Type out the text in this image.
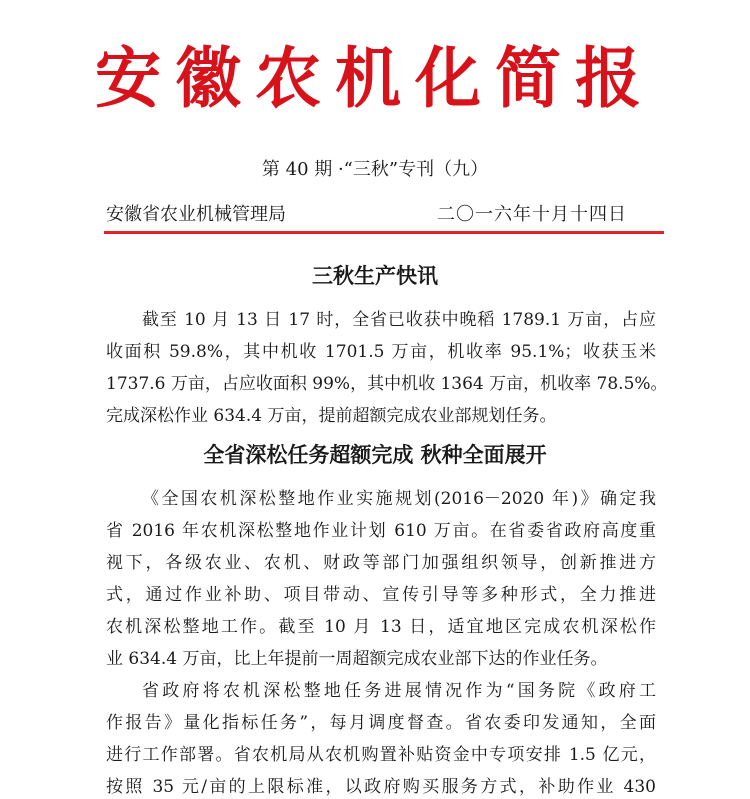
安徽农机化简报
第 40 期 ·“三秋”专刊（九）
安徽省农业机械管理局	二〇一六年十月十四日
三秋生产快讯
截至 10 月 13 日 17 时，全省已收获中晚稻 1789.1 万亩，占应
收面积 59.8%，其中机收 1701.5 万亩，机收率 95.1%；收获玉米
1737.6 万亩，占应收面积 99%，其中机收 1364 万亩，机收率 78.5%。
完成深松作业 634.4 万亩，提前超额完成农业部规划任务。
全省深松任务超额完成 秋种全面展开
《全国农机深松整地作业实施规划(2016－2020 年)》确定我
省 2016 年农机深松整地作业计划 610 万亩。在省委省政府高度重
视下，各级农业、农机、财政等部门加强组织领导，创新推进方
式，通过作业补助、项目带动、宣传引导等多种形式，全力推进
农机深松整地工作。截至 10 月 13 日，适宜地区完成农机深松作
业 634.4 万亩，比上年提前一周超额完成农业部下达的作业任务。
省政府将农机深松整地任务进展情况作为“国务院《政府工
作报告》量化指标任务”，每月调度督查。省农委印发通知，全面
进行工作部署。省农机局从农机购置补贴资金中专项安排 1.5 亿元，
按照 35 元/亩的上限标准，以政府购买服务方式，补助作业 430
